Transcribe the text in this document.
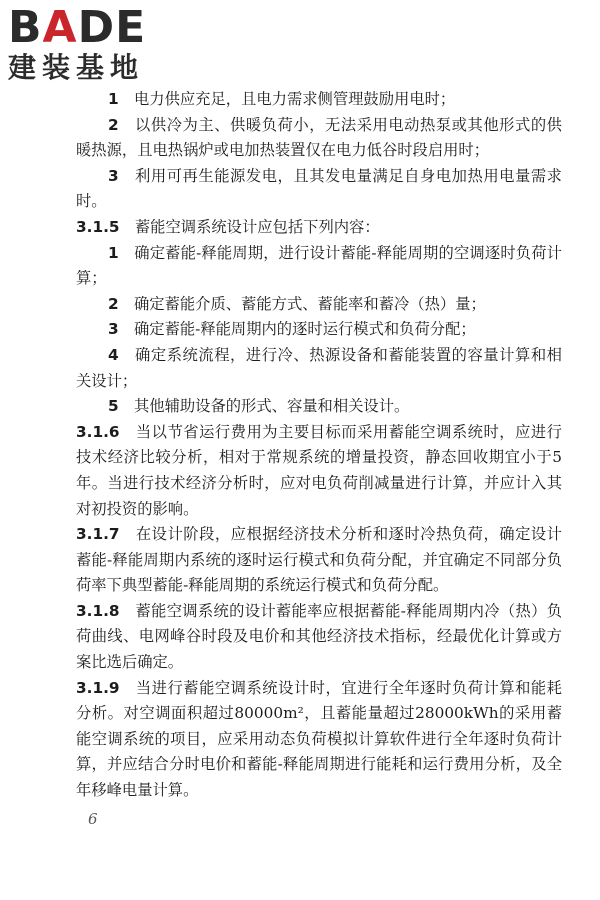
BADE
建装基地

1　 电力供应充足，且电力需求侧管理鼓励用电时；

2　 以供冷为主、供暖负荷小，无法采用电动热泵或其他形式的供暖热源，且电热锅炉或电加热装置仅在电力低谷时段启用时；

3　 利用可再生能源发电，且其发电量满足自身电加热用电量需求时。

3.1.5　 蓄能空调系统设计应包括下列内容：

1　 确定蓄能-释能周期，进行设计蓄能-释能周期的空调逐时负荷计算；

2　 确定蓄能介质、蓄能方式、蓄能率和蓄冷（热）量；

3　 确定蓄能-释能周期内的逐时运行模式和负荷分配；

4　 确定系统流程，进行冷、热源设备和蓄能装置的容量计算和相关设计；

5　 其他辅助设备的形式、容量和相关设计。

3.1.6　 当以节省运行费用为主要目标而采用蓄能空调系统时，应进行技术经济比较分析，相对于常规系统的增量投资，静态回收期宜小于5年。当进行技术经济分析时，应对电负荷削减量进行计算，并应计入其对初投资的影响。

3.1.7　 在设计阶段，应根据经济技术分析和逐时冷热负荷，确定设计蓄能-释能周期内系统的逐时运行模式和负荷分配，并宜确定不同部分负荷率下典型蓄能-释能周期的系统运行模式和负荷分配。

3.1.8　 蓄能空调系统的设计蓄能率应根据蓄能-释能周期内冷（热）负荷曲线、电网峰谷时段及电价和其他经济技术指标，经最优化计算或方案比选后确定。

3.1.9　 当进行蓄能空调系统设计时，宜进行全年逐时负荷计算和能耗分析。对空调面积超过80000m²，且蓄能量超过28000kWh的采用蓄能空调系统的项目，应采用动态负荷模拟计算软件进行全年逐时负荷计算，并应结合分时电价和蓄能-释能周期进行能耗和运行费用分析，及全年移峰电量计算。

6
